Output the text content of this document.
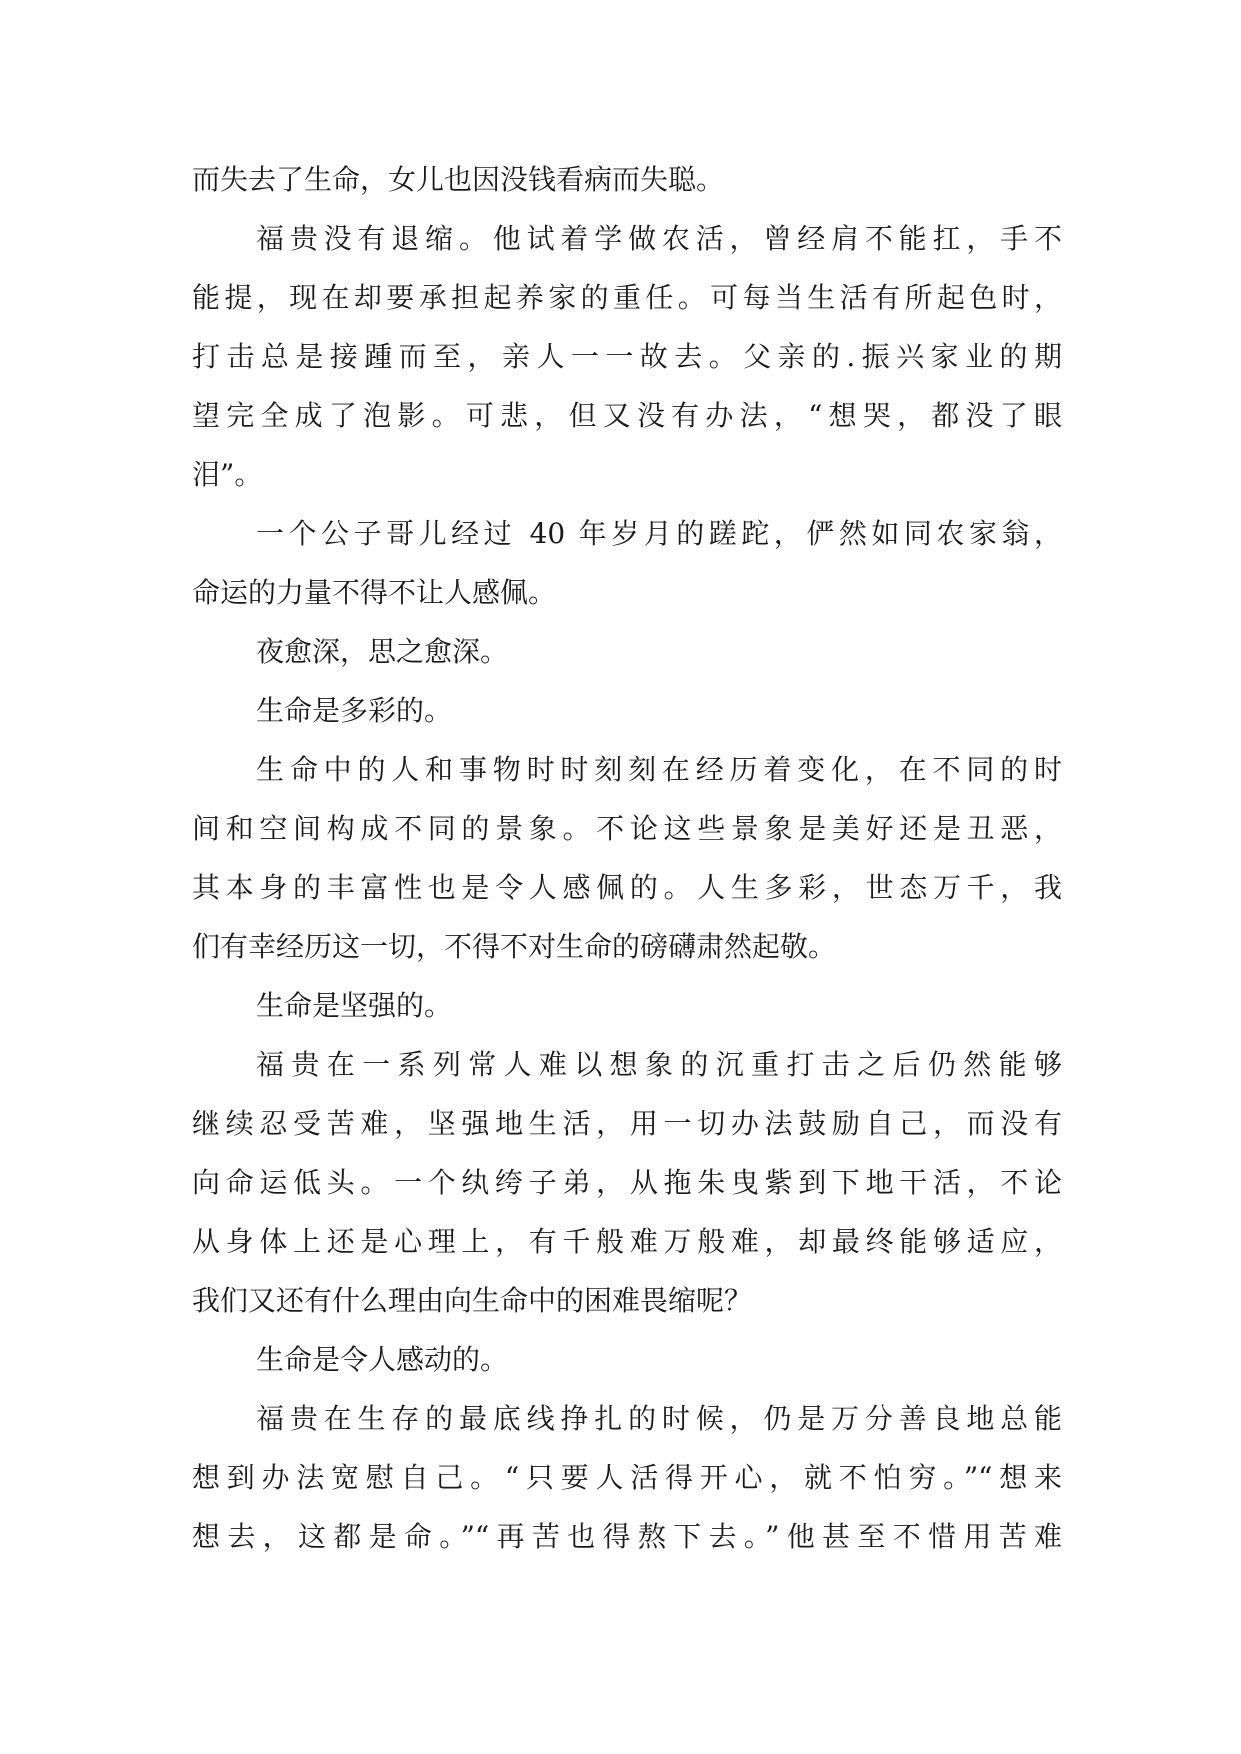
而失去了生命，女儿也因没钱看病而失聪。
福贵没有退缩。他试着学做农活，曾经肩不能扛，手不
能提，现在却要承担起养家的重任。可每当生活有所起色时，
打击总是接踵而至，亲人一一故去。父亲的.振兴家业的期
望完全成了泡影。可悲，但又没有办法，“想哭，都没了眼
泪”。
一个公子哥儿经过 40 年岁月的蹉跎，俨然如同农家翁，
命运的力量不得不让人感佩。
夜愈深，思之愈深。
生命是多彩的。
生命中的人和事物时时刻刻在经历着变化，在不同的时
间和空间构成不同的景象。不论这些景象是美好还是丑恶，
其本身的丰富性也是令人感佩的。人生多彩，世态万千，我
们有幸经历这一切，不得不对生命的磅礴肃然起敬。
生命是坚强的。
福贵在一系列常人难以想象的沉重打击之后仍然能够
继续忍受苦难，坚强地生活，用一切办法鼓励自己，而没有
向命运低头。一个纨绔子弟，从拖朱曳紫到下地干活，不论
从身体上还是心理上，有千般难万般难，却最终能够适应，
我们又还有什么理由向生命中的困难畏缩呢？
生命是令人感动的。
福贵在生存的最底线挣扎的时候，仍是万分善良地总能
想到办法宽慰自己。“只要人活得开心，就不怕穷。”“想来
想去，这都是命。”“再苦也得熬下去。”他甚至不惜用苦难
